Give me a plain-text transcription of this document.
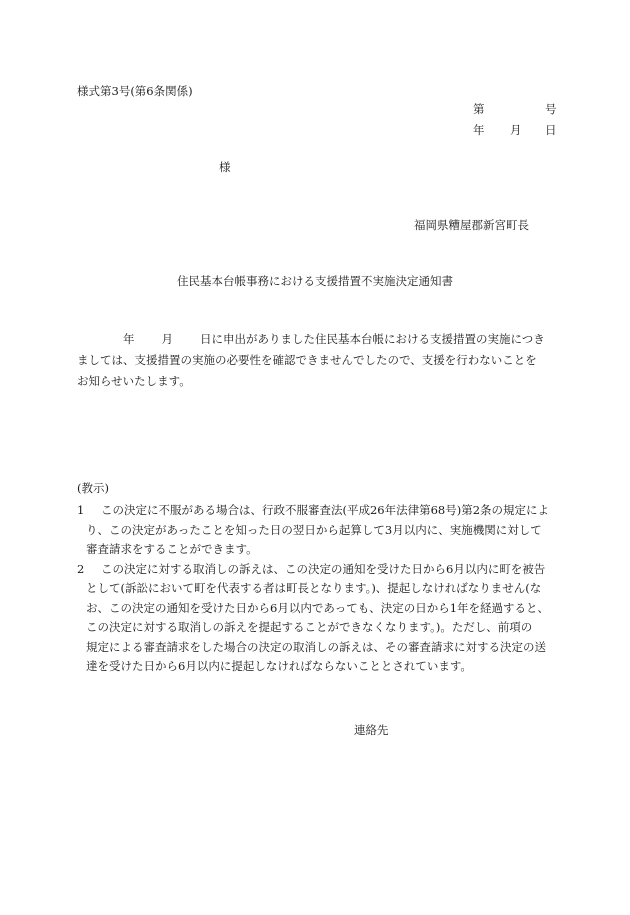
様式第3号(第6条関係)
第	号
年 月 日
様
福岡県糟屋郡新宮町長
住民基本台帳事務における支援措置不実施決定通知書
年 月 日に申出がありました住民基本台帳における支援措置の実施につき
ましては、支援措置の実施の必要性を確認できませんでしたので、支援を行わないことを
お知らせいたします。
(教示)
1 この決定に不服がある場合は、行政不服審査法(平成26年法律第68号)第2条の規定によ
り、この決定があったことを知った日の翌日から起算して3月以内に、実施機関に対して
審査請求をすることができます。
2 この決定に対する取消しの訴えは、この決定の通知を受けた日から6月以内に町を被告
として(訴訟において町を代表する者は町長となります。)、提起しなければなりません(な
お、この決定の通知を受けた日から6月以内であっても、決定の日から1年を経過すると、
この決定に対する取消しの訴えを提起することができなくなります。)。ただし、前項の
規定による審査請求をした場合の決定の取消しの訴えは、その審査請求に対する決定の送
達を受けた日から6月以内に提起しなければならないこととされています。
連絡先
